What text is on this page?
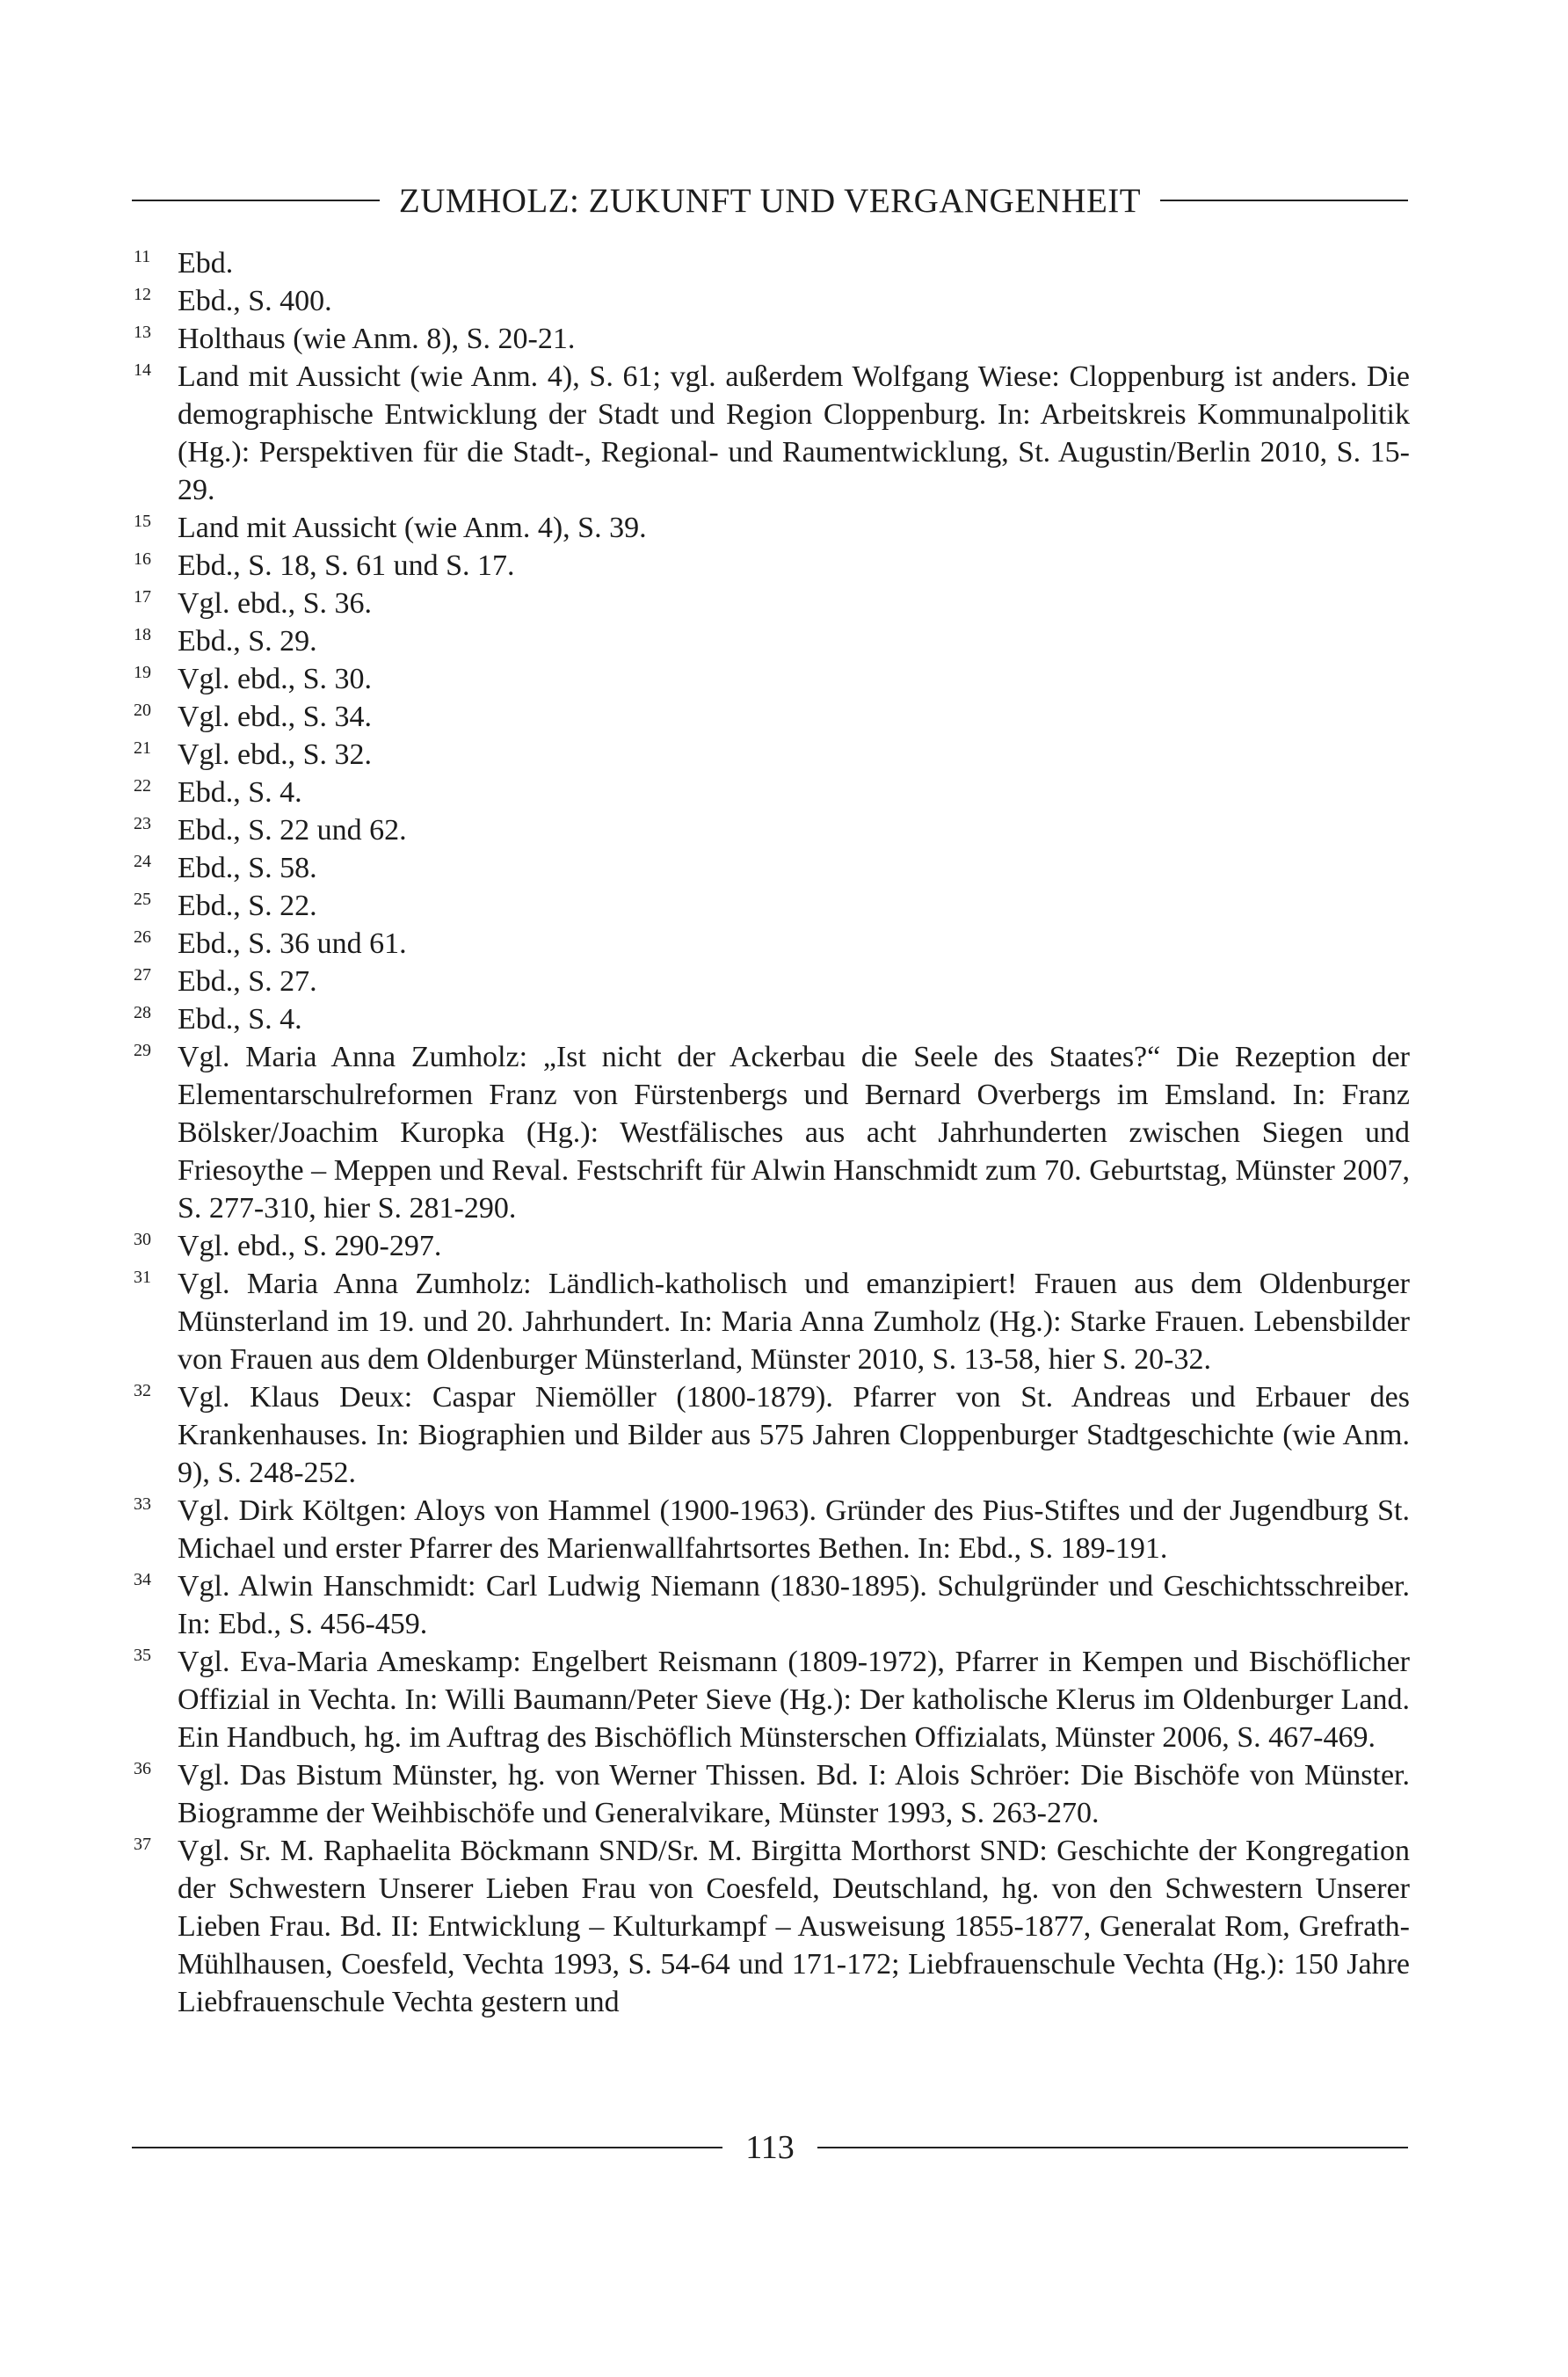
ZUMHOLZ: ZUKUNFT UND VERGANGENHEIT
11 Ebd.
12 Ebd., S. 400.
13 Holthaus (wie Anm. 8), S. 20-21.
14 Land mit Aussicht (wie Anm. 4), S. 61; vgl. außerdem Wolfgang Wiese: Cloppenburg ist anders. Die demographische Entwicklung der Stadt und Region Cloppenburg. In: Arbeitskreis Kommunalpolitik (Hg.): Perspektiven für die Stadt-, Regional- und Raumentwicklung, St. Augustin/Berlin 2010, S. 15-29.
15 Land mit Aussicht (wie Anm. 4), S. 39.
16 Ebd., S. 18, S. 61 und S. 17.
17 Vgl. ebd., S. 36.
18 Ebd., S. 29.
19 Vgl. ebd., S. 30.
20 Vgl. ebd., S. 34.
21 Vgl. ebd., S. 32.
22 Ebd., S. 4.
23 Ebd., S. 22 und 62.
24 Ebd., S. 58.
25 Ebd., S. 22.
26 Ebd., S. 36 und 61.
27 Ebd., S. 27.
28 Ebd., S. 4.
29 Vgl. Maria Anna Zumholz: „Ist nicht der Ackerbau die Seele des Staates?“ Die Rezeption der Elementarschulreformen Franz von Fürstenbergs und Bernard Overbergs im Emsland. In: Franz Bölsker/Joachim Kuropka (Hg.): Westfälisches aus acht Jahrhunderten zwischen Siegen und Friesoythe – Meppen und Reval. Festschrift für Alwin Hanschmidt zum 70. Geburtstag, Münster 2007, S. 277-310, hier S. 281-290.
30 Vgl. ebd., S. 290-297.
31 Vgl. Maria Anna Zumholz: Ländlich-katholisch und emanzipiert! Frauen aus dem Oldenburger Münsterland im 19. und 20. Jahrhundert. In: Maria Anna Zumholz (Hg.): Starke Frauen. Lebensbilder von Frauen aus dem Oldenburger Münsterland, Münster 2010, S. 13-58, hier S. 20-32.
32 Vgl. Klaus Deux: Caspar Niemöller (1800-1879). Pfarrer von St. Andreas und Erbauer des Krankenhauses. In: Biographien und Bilder aus 575 Jahren Cloppenburger Stadtgeschichte (wie Anm. 9), S. 248-252.
33 Vgl. Dirk Költgen: Aloys von Hammel (1900-1963). Gründer des Pius-Stiftes und der Jugendburg St. Michael und erster Pfarrer des Marienwallfahrtsortes Bethen. In: Ebd., S. 189-191.
34 Vgl. Alwin Hanschmidt: Carl Ludwig Niemann (1830-1895). Schulgründer und Geschichtsschreiber. In: Ebd., S. 456-459.
35 Vgl. Eva-Maria Ameskamp: Engelbert Reismann (1809-1972), Pfarrer in Kempen und Bischöflicher Offizial in Vechta. In: Willi Baumann/Peter Sieve (Hg.): Der katholische Klerus im Oldenburger Land. Ein Handbuch, hg. im Auftrag des Bischöflich Münsterschen Offizialats, Münster 2006, S. 467-469.
36 Vgl. Das Bistum Münster, hg. von Werner Thissen. Bd. I: Alois Schröer: Die Bischöfe von Münster. Biogramme der Weihbischöfe und Generalvikare, Münster 1993, S. 263-270.
37 Vgl. Sr. M. Raphaelita Böckmann SND/Sr. M. Birgitta Morthorst SND: Geschichte der Kongregation der Schwestern Unserer Lieben Frau von Coesfeld, Deutschland, hg. von den Schwestern Unserer Lieben Frau. Bd. II: Entwicklung – Kulturkampf – Ausweisung 1855-1877, Generalat Rom, Grefrath-Mühlhausen, Coesfeld, Vechta 1993, S. 54-64 und 171-172; Liebfrauenschule Vechta (Hg.): 150 Jahre Liebfrauenschule Vechta gestern und
113
